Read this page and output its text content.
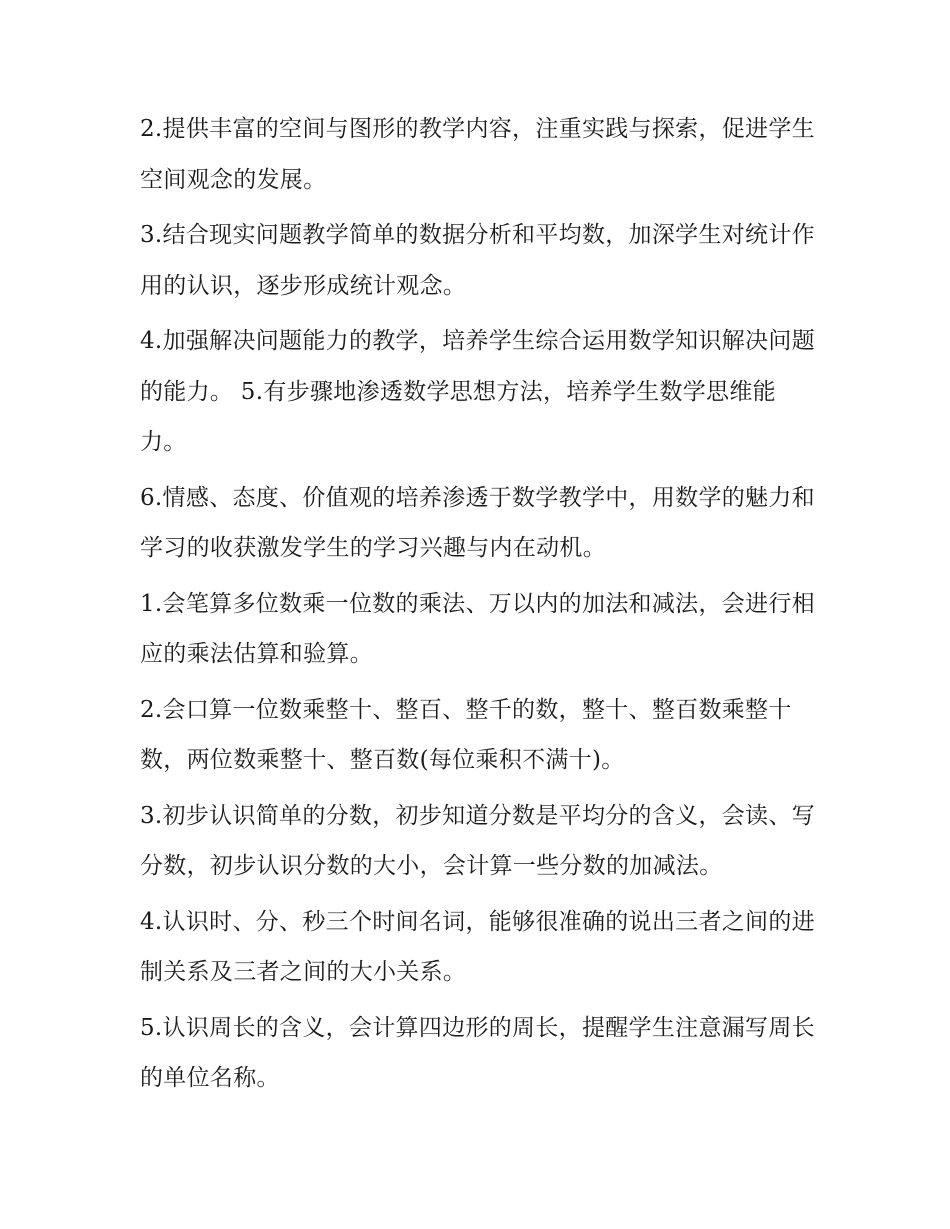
2.提供丰富的空间与图形的教学内容，注重实践与探索，促进学生空间观念的发展。

3.结合现实问题教学简单的数据分析和平均数，加深学生对统计作用的认识，逐步形成统计观念。

4.加强解决问题能力的教学，培养学生综合运用数学知识解决问题的能力。 5.有步骤地渗透数学思想方法，培养学生数学思维能力。

6.情感、态度、价值观的培养渗透于数学教学中，用数学的魅力和学习的收获激发学生的学习兴趣与内在动机。

1.会笔算多位数乘一位数的乘法、万以内的加法和减法，会进行相应的乘法估算和验算。

2.会口算一位数乘整十、整百、整千的数，整十、整百数乘整十数，两位数乘整十、整百数(每位乘积不满十)。

3.初步认识简单的分数，初步知道分数是平均分的含义，会读、写分数，初步认识分数的大小，会计算一些分数的加减法。

4.认识时、分、秒三个时间名词，能够很准确的说出三者之间的进制关系及三者之间的大小关系。

5.认识周长的含义，会计算四边形的周长，提醒学生注意漏写周长的单位名称。
